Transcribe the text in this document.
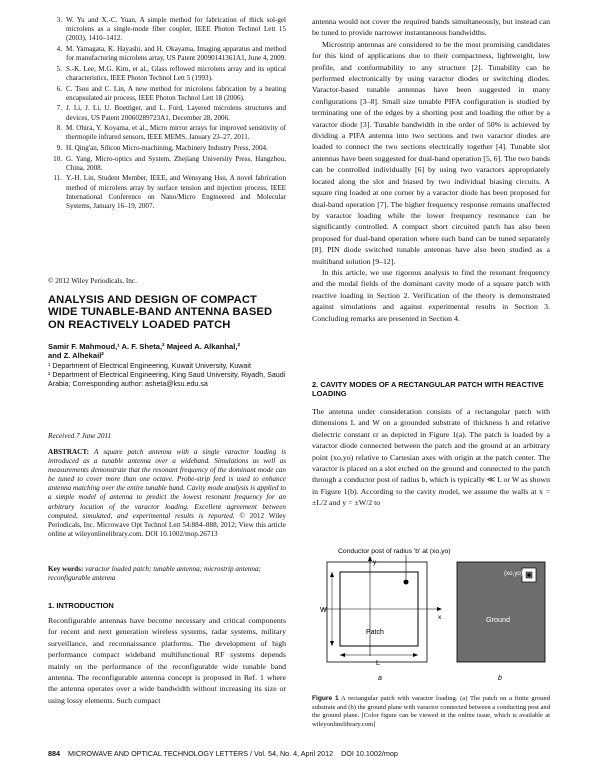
3. W. Yu and X.-C. Yuan, A simple method for fabrication of thick sol-gel microlens as a single-mode fiber coupler, IEEE Photon Technol Lett 15 (2003), 1410–1412.
4. M. Yamagata, K. Hayashi, and H. Okayama, Imaging apparatus and method for manufacturing microlens array, US Patent 20090141361A1, June 4, 2009.
5. S.-K. Lee, M.G. Kim, et al., Glass reflowed microlens array and its optical characteristics, IEEE Photon Technol Lett 5 (1993).
6. C. Tsou and C. Lin, A new method for microlens fabrication by a heating encapsulated air process, IEEE Photon Technol Lett 18 (2006).
7. J. Li, J. Li, U. Boettiger, and L. Ford, Layered microlens structures and devices, US Patent 20060289723A1, December 28, 2006.
8. M. Ohira, Y. Koyama, et al., Micro mirror arrays for improved sensitivity of thermopile infrared sensors, IEEE MEMS, January 23–27, 2011.
9. H. Qing'an, Silicon Micro-machining, Machinery Industry Press, 2004.
10. G. Yang, Micro-optics and System, Zhejiang University Press, Hangzhou, China, 2008.
11. Y.-H. Lin, Student Member, IEEE, and Wensyang Hsu, A novel fabrication method of microlens array by surface tension and injection process, IEEE International Conference on Nano/Micro Engineered and Molecular Systems, January 16–19, 2007.
© 2012 Wiley Periodicals, Inc.
ANALYSIS AND DESIGN OF COMPACT WIDE TUNABLE-BAND ANTENNA BASED ON REACTIVELY LOADED PATCH
Samir F. Mahmoud,¹ A. F. Sheta,² Majeed A. Alkanhal,²
and Z. Alhekail²
¹ Department of Electrical Engineering, Kuwait University, Kuwait
² Department of Electrical Engineering, King Saud University, Riyadh, Saudi Arabia; Corresponding author: asheta@ksu.edu.sa
Received 7 June 2011
ABSTRACT: A square patch antenna with a single varactor loading is introduced as a tunable antenna over a wideband. Simulations as well as measurements demonstrate that the resonant frequency of the dominant mode can be tuned to cover more than one octave. Probe-strip feed is used to enhance antenna matching over the entire tunable band. Cavity mode analysis is applied to a simple model of antenna to predict the lowest resonant frequency for an arbitrary location of the varactor loading. Excellent agreement between computed, simulated, and experimental results is reported. © 2012 Wiley Periodicals, Inc. Microwave Opt Technol Lett 54:884–888, 2012; View this article online at wileyonlinelibrary.com. DOI 10.1002/mop.26713
Key words: varactor loaded patch; tunable antenna; microstrip antenna; reconfigurable antenna
1. INTRODUCTION

Reconfigurable antennas have become necessary and critical components for recent and next generation wireless systems, radar systems, military surveillance, and reconnaissance platforms. The development of high performance compact wideband multifunctional RF systems depends mainly on the performance of the reconfigurable wide tunable band antenna. The reconfigurable antenna concept is proposed in Ref. 1 where the antenna operates over a wide bandwidth without increasing its size or using lossy elements. Such compact

antenna would not cover the required bands simultaneously, but instead can be tuned to provide narrower instantaneous bandwidths.

Microstrip antennas are considered to be the most promising candidates for this kind of applications due to their compactness, lightweight, low profile, and conformability to any structure [2]. Tunability can be performed electronically by using varactor diodes or switching diodes. Varactor-based tunable antennas have been suggested in many configurations [3–8]. Small size tunable PIFA configuration is studied by terminating one of the edges by a shorting post and loading the other by a varactor diode [3]. Tunable bandwidth in the order of 50% is achieved by dividing a PIFA antenna into two sections and two varactor diodes are loaded to connect the two sections electrically together [4]. Tunable slot antennas have been suggested for dual-band operation [5, 6]. The two bands can be controlled individually [6] by using two varactors appropriately located along the slot and biased by two individual biasing circuits. A square ring loaded at one corner by a varactor diode has been proposed for dual-band operation [7]. The higher frequency response remains unaffected by varactor loading while the lower frequency resonance can be significantly controlled. A compact short circuited patch has also been proposed for dual-band operation where each band can be tuned separately [8]. PIN diode switched tunable antennas have also been studied as a multiband solution [9–12].

In this article, we use rigorous analysis to find the resonant frequency and the modal fields of the dominant cavity mode of a square patch with reactive loading in Section 2. Verification of the theory is demonstrated against simulations and against experimental results in Section 3. Concluding remarks are presented in Section 4.

2. CAVITY MODES OF A RECTANGULAR PATCH WITH REACTIVE LOADING

The antenna under consideration consists of a rectangular patch with dimensions L and W on a grounded substrate of thickness h and relative dielectric constant εr as depicted in Figure 1(a). The patch is loaded by a varactor diode connected between the patch and the ground at an arbitrary point (xo,yo) relative to Cartesian axes with origin at the patch center. The varactor is placed on a slot etched on the ground and connected to the patch through a conductor post of radius b, which is typically ≪ L or W as shown in Figure 1(b). According to the cavity model, we assume the walls at x = ±L/2 and y = ±W/2 to

Conductor post of radius 'b' at (xo,yo)
y
x
W
L
Patch
a
(xo,yo)
Ground
b
Figure 1 A rectangular patch with varactor loading. (a) The patch on a finite ground substrate and (b) the ground plane with varactor connected between a conducting post and the ground plane. [Color figure can be viewed in the online issue, which is available at wileyonlinelibrary.com]
884 MICROWAVE AND OPTICAL TECHNOLOGY LETTERS / Vol. 54, No. 4, April 2012 DOI 10.1002/mop
